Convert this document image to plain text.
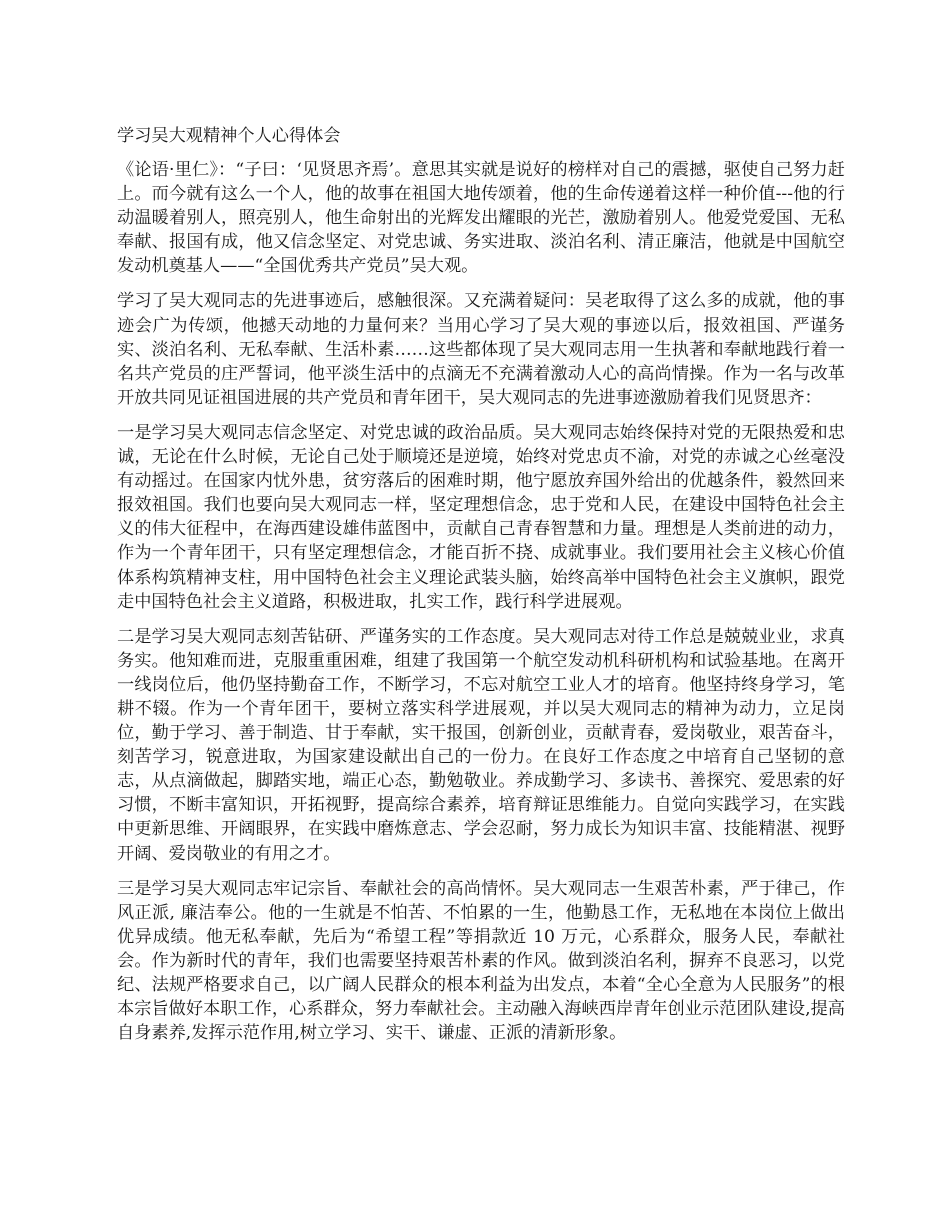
学习吴大观精神个人心得体会

《论语·里仁》：“子曰：‘见贤思齐焉’。意思其实就是说好的榜样对自己的震撼，驱使自己努力赶上。而今就有这么一个人，他的故事在祖国大地传颂着，他的生命传递着这样一种价值---他的行动温暖着别人，照亮别人，他生命射出的光辉发出耀眼的光芒，激励着别人。他爱党爱国、无私奉献、报国有成，他又信念坚定、对党忠诚、务实进取、淡泊名利、清正廉洁，他就是中国航空发动机奠基人——“全国优秀共产党员”吴大观。

学习了吴大观同志的先进事迹后，感触很深。又充满着疑问：吴老取得了这么多的成就，他的事迹会广为传颂，他撼天动地的力量何来？当用心学习了吴大观的事迹以后，报效祖国、严谨务实、淡泊名利、无私奉献、生活朴素……这些都体现了吴大观同志用一生执著和奉献地践行着一名共产党员的庄严誓词，他平淡生活中的点滴无不充满着激动人心的高尚情操。作为一名与改革开放共同见证祖国进展的共产党员和青年团干，吴大观同志的先进事迹激励着我们见贤思齐：

一是学习吴大观同志信念坚定、对党忠诚的政治品质。吴大观同志始终保持对党的无限热爱和忠诚，无论在什么时候，无论自己处于顺境还是逆境，始终对党忠贞不渝，对党的赤诚之心丝毫没有动摇过。在国家内忧外患，贫穷落后的困难时期，他宁愿放弃国外给出的优越条件，毅然回来报效祖国。我们也要向吴大观同志一样，坚定理想信念，忠于党和人民，在建设中国特色社会主义的伟大征程中，在海西建设雄伟蓝图中，贡献自己青春智慧和力量。理想是人类前进的动力，作为一个青年团干，只有坚定理想信念，才能百折不挠、成就事业。我们要用社会主义核心价值体系构筑精神支柱，用中国特色社会主义理论武装头脑，始终高举中国特色社会主义旗帜，跟党走中国特色社会主义道路，积极进取，扎实工作，践行科学进展观。

二是学习吴大观同志刻苦钻研、严谨务实的工作态度。吴大观同志对待工作总是兢兢业业，求真务实。他知难而进，克服重重困难，组建了我国第一个航空发动机科研机构和试验基地。在离开一线岗位后，他仍坚持勤奋工作，不断学习，不忘对航空工业人才的培育。他坚持终身学习，笔耕不辍。作为一个青年团干，要树立落实科学进展观，并以吴大观同志的精神为动力，立足岗位，勤于学习、善于制造、甘于奉献，实干报国，创新创业，贡献青春，爱岗敬业，艰苦奋斗，刻苦学习，锐意进取，为国家建设献出自己的一份力。在良好工作态度之中培育自己坚韧的意志，从点滴做起，脚踏实地，端正心态，勤勉敬业。养成勤学习、多读书、善探究、爱思索的好习惯，不断丰富知识，开拓视野，提高综合素养，培育辩证思维能力。自觉向实践学习，在实践中更新思维、开阔眼界，在实践中磨炼意志、学会忍耐，努力成长为知识丰富、技能精湛、视野开阔、爱岗敬业的有用之才。

三是学习吴大观同志牢记宗旨、奉献社会的高尚情怀。吴大观同志一生艰苦朴素，严于律己，作风正派, 廉洁奉公。他的一生就是不怕苦、不怕累的一生，他勤恳工作，无私地在本岗位上做出优异成绩。他无私奉献，先后为“希望工程”等捐款近 10 万元，心系群众，服务人民，奉献社会。作为新时代的青年，我们也需要坚持艰苦朴素的作风。做到淡泊名利，摒弃不良恶习，以党纪、法规严格要求自己，以广阔人民群众的根本利益为出发点，本着“全心全意为人民服务”的根本宗旨做好本职工作，心系群众，努力奉献社会。主动融入海峡西岸青年创业示范团队建设,提高自身素养,发挥示范作用,树立学习、实干、谦虚、正派的清新形象。
